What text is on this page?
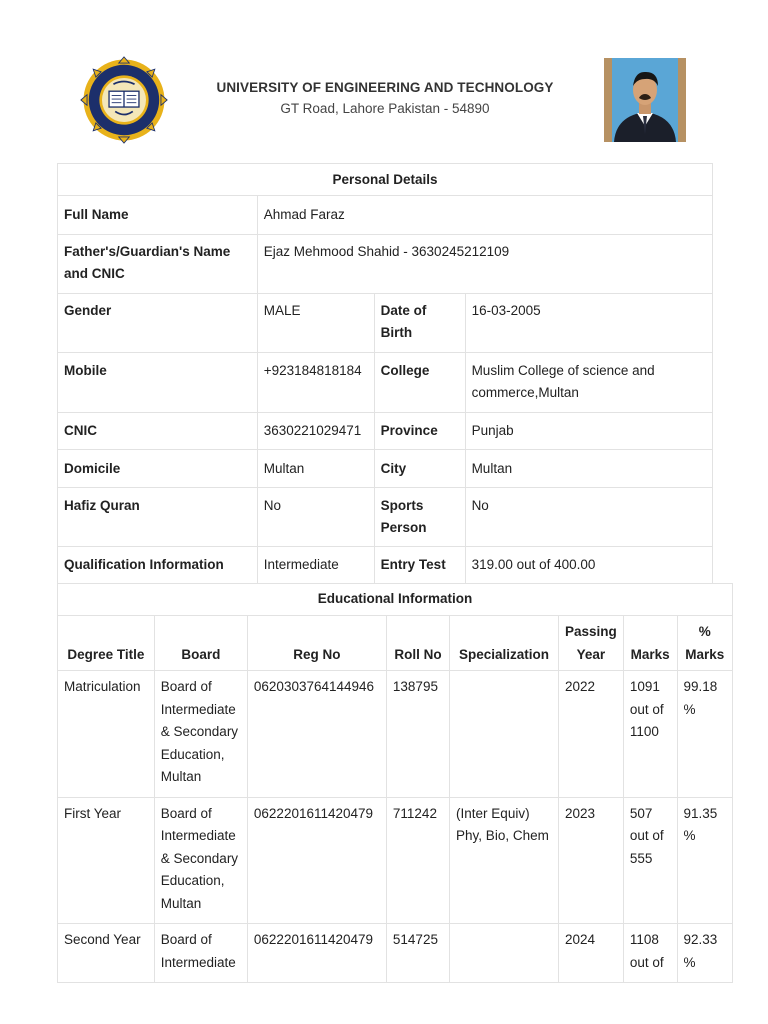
UNIVERSITY OF ENGINEERING AND TECHNOLOGY
GT Road, Lahore Pakistan - 54890
Personal Details			
Full Name	Ahmad Faraz		
Father's/Guardian's Name and CNIC	Ejaz Mehmood Shahid - 3630245212109		
Gender	MALE	Date of Birth	16-03-2005
Mobile	+923184818184	College	Muslim College of science and commerce,Multan
CNIC	3630221029471	Province	Punjab
Domicile	Multan	City	Multan
Hafiz Quran	No	Sports Person	No
Qualification Information	Intermediate	Entry Test	319.00 out of 400.00
Educational Information							
Degree Title	Board	Reg No	Roll No	Specialization	Passing Year	Marks	% Marks
Matriculation	Board of Intermediate & Secondary Education, Multan	0620303764144946	138795		2022	1091 out of 1100	99.18 %
First Year	Board of Intermediate & Secondary Education, Multan	0622201611420479	711242	(Inter Equiv) Phy, Bio, Chem	2023	507 out of 555	91.35 %
Second Year	Board of Intermediate	0622201611420479	514725		2024	1108 out of	92.33 %
